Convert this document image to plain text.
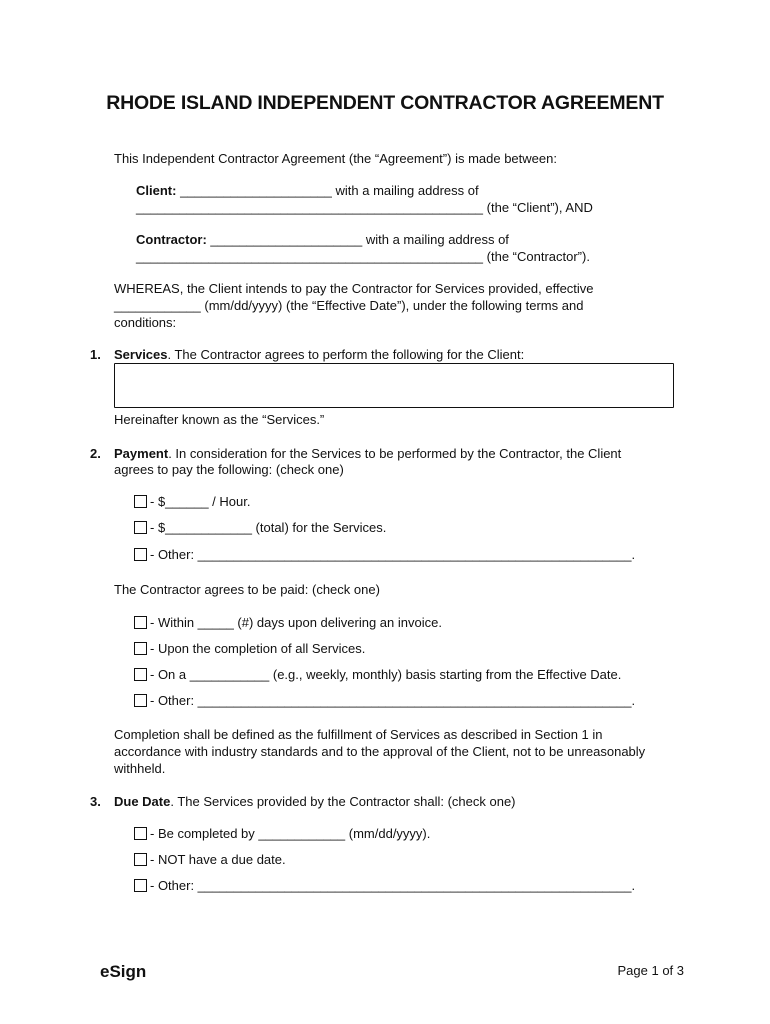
RHODE ISLAND INDEPENDENT CONTRACTOR AGREEMENT
This Independent Contractor Agreement (the “Agreement”) is made between:
Client: _____________________ with a mailing address of
________________________________________________ (the “Client”), AND
Contractor: _____________________ with a mailing address of
________________________________________________ (the “Contractor”).
WHEREAS, the Client intends to pay the Contractor for Services provided, effective
____________ (mm/dd/yyyy) (the “Effective Date”), under the following terms and
conditions:
1. Services. The Contractor agrees to perform the following for the Client:
Hereinafter known as the “Services.”
2. Payment. In consideration for the Services to be performed by the Contractor, the Client
agrees to pay the following: (check one)
- $______ / Hour.
- $____________ (total) for the Services.
- Other: ____________________________________________________________.
The Contractor agrees to be paid: (check one)
- Within _____ (#) days upon delivering an invoice.
- Upon the completion of all Services.
- On a ___________ (e.g., weekly, monthly) basis starting from the Effective Date.
- Other: ____________________________________________________________.
Completion shall be defined as the fulfillment of Services as described in Section 1 in
accordance with industry standards and to the approval of the Client, not to be unreasonably
withheld.
3. Due Date. The Services provided by the Contractor shall: (check one)
- Be completed by ____________ (mm/dd/yyyy).
- NOT have a due date.
- Other: ____________________________________________________________.
eSign	Page 1 of 3
